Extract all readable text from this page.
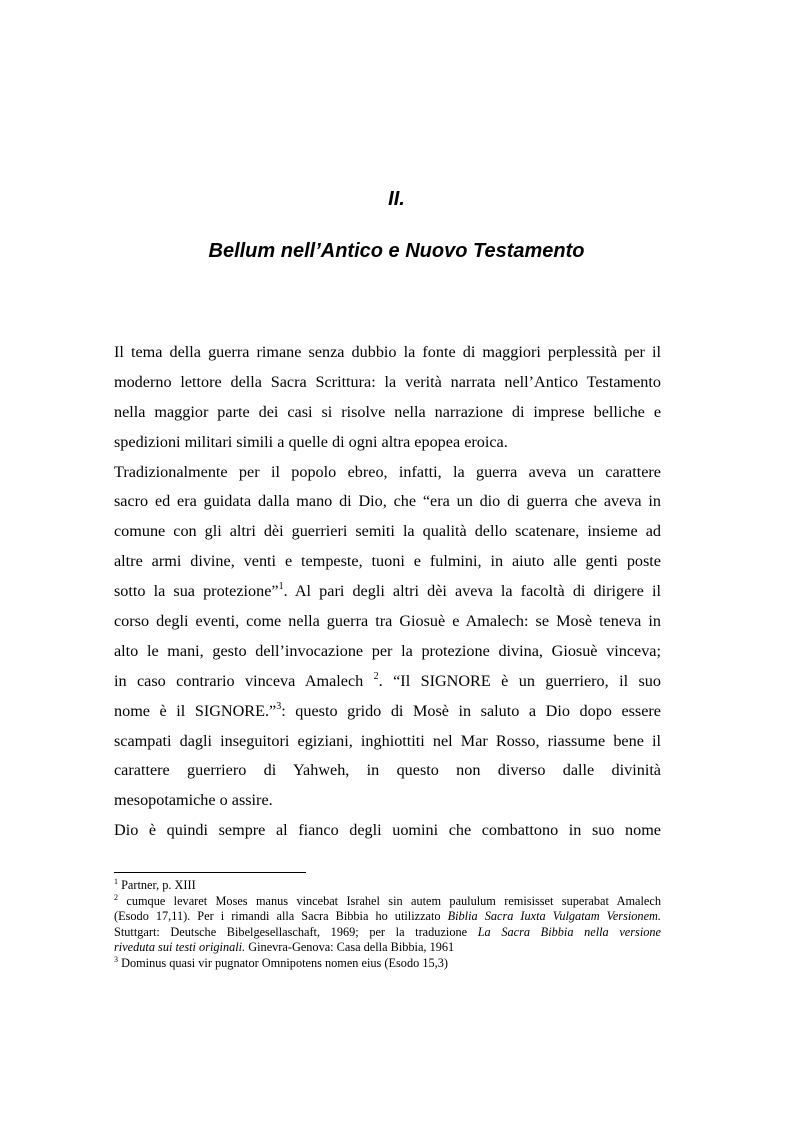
II.
Bellum nell’Antico e Nuovo Testamento
Il tema della guerra rimane senza dubbio la fonte di maggiori perplessità per il
moderno lettore della Sacra Scrittura: la verità narrata nell’Antico Testamento
nella maggior parte dei casi si risolve nella narrazione di imprese belliche e
spedizioni militari simili a quelle di ogni altra epopea eroica.
Tradizionalmente per il popolo ebreo, infatti, la guerra aveva un carattere
sacro ed era guidata dalla mano di Dio, che “era un dio di guerra che aveva in
comune con gli altri dèi guerrieri semiti la qualità dello scatenare, insieme ad
altre armi divine, venti e tempeste, tuoni e fulmini, in aiuto alle genti poste
sotto la sua protezione”$^1$. Al pari degli altri dèi aveva la facoltà di dirigere il
corso degli eventi, come nella guerra tra Giosuè e Amalech: se Mosè teneva in
alto le mani, gesto dell’invocazione per la protezione divina, Giosuè vinceva;
in caso contrario vinceva Amalech $^2$. “Il SIGNORE è un guerriero, il suo
nome è il SIGNORE.”$^3$: questo grido di Mosè in saluto a Dio dopo essere
scampati dagli inseguitori egiziani, inghiottiti nel Mar Rosso, riassume bene il
carattere guerriero di Yahweh, in questo non diverso dalle divinità
mesopotamiche o assire.
Dio è quindi sempre al fianco degli uomini che combattono in suo nome
$^1$ Partner, p. XIII
$^2$ cumque levaret Moses manus vincebat Israhel sin autem paululum remisisset superabat Amalech
(Esodo 17,11). Per i rimandi alla Sacra Bibbia ho utilizzato Biblia Sacra Iuxta Vulgatam Versionem.
Stuttgart: Deutsche Bibelgesellaschaft, 1969; per la traduzione La Sacra Bibbia nella versione
riveduta sui testi originali. Ginevra-Genova: Casa della Bibbia, 1961
$^3$ Dominus quasi vir pugnator Omnipotens nomen eius (Esodo 15,3)
